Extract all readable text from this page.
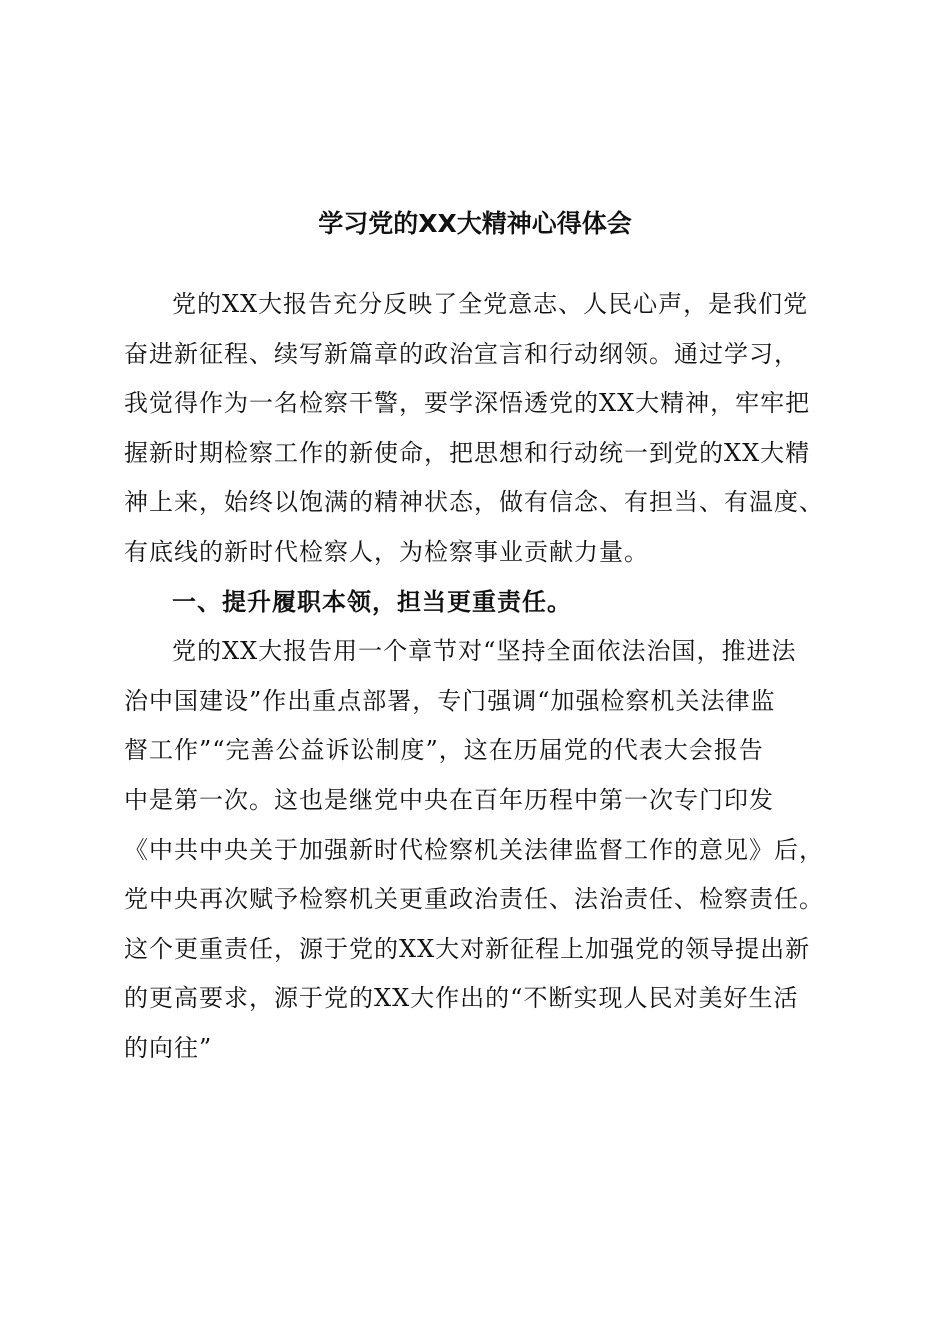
学习党的XX大精神心得体会
党的XX大报告充分反映了全党意志、人民心声，是我们党
奋进新征程、续写新篇章的政治宣言和行动纲领。通过学习，
我觉得作为一名检察干警，要学深悟透党的XX大精神，牢牢把
握新时期检察工作的新使命，把思想和行动统一到党的XX大精
神上来，始终以饱满的精神状态，做有信念、有担当、有温度、
有底线的新时代检察人，为检察事业贡献力量。
一、提升履职本领，担当更重责任。
党的XX大报告用一个章节对“坚持全面依法治国，推进法
治中国建设”作出重点部署，专门强调“加强检察机关法律监
督工作”“完善公益诉讼制度”，这在历届党的代表大会报告
中是第一次。这也是继党中央在百年历程中第一次专门印发
《中共中央关于加强新时代检察机关法律监督工作的意见》后，
党中央再次赋予检察机关更重政治责任、法治责任、检察责任。
这个更重责任，源于党的XX大对新征程上加强党的领导提出新
的更高要求，源于党的XX大作出的“不断实现人民对美好生活
的向往”
